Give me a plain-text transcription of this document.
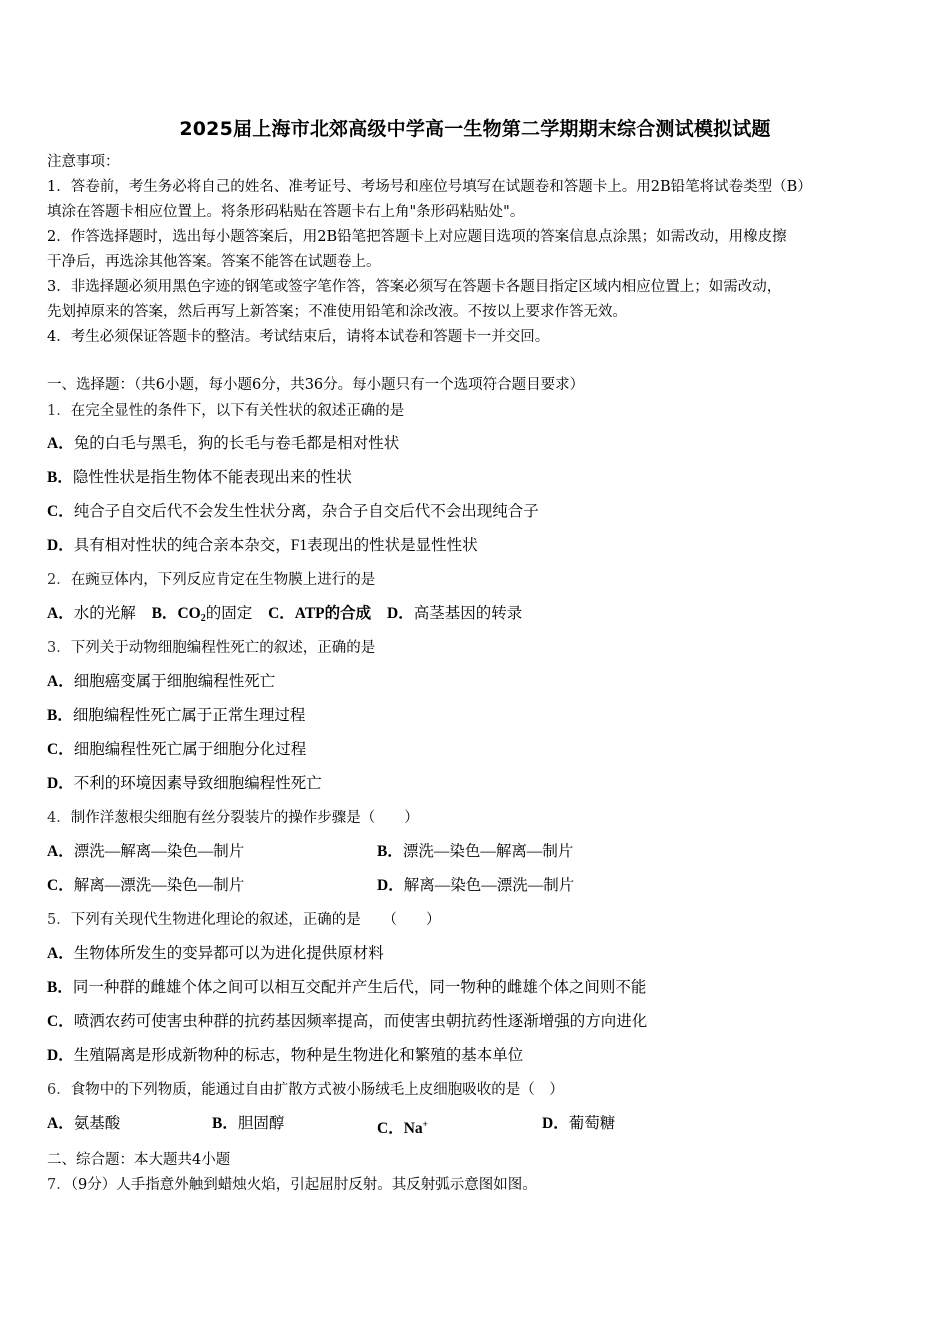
2025届上海市北郊高级中学高一生物第二学期期末综合测试模拟试题
注意事项：
1．答卷前，考生务必将自己的姓名、准考证号、考场号和座位号填写在试题卷和答题卡上。用2B铅笔将试卷类型（B）
填涂在答题卡相应位置上。将条形码粘贴在答题卡右上角"条形码粘贴处"。
2．作答选择题时，选出每小题答案后，用2B铅笔把答题卡上对应题目选项的答案信息点涂黑；如需改动，用橡皮擦
干净后，再选涂其他答案。答案不能答在试题卷上。
3．非选择题必须用黑色字迹的钢笔或签字笔作答，答案必须写在答题卡各题目指定区域内相应位置上；如需改动，
先划掉原来的答案，然后再写上新答案；不准使用铅笔和涂改液。不按以上要求作答无效。
4．考生必须保证答题卡的整洁。考试结束后，请将本试卷和答题卡一并交回。
一、选择题：（共6小题，每小题6分，共36分。每小题只有一个选项符合题目要求）
1．在完全显性的条件下，以下有关性状的叙述正确的是
A．兔的白毛与黑毛，狗的长毛与卷毛都是相对性状
B．隐性性状是指生物体不能表现出来的性状
C．纯合子自交后代不会发生性状分离，杂合子自交后代不会出现纯合子
D．具有相对性状的纯合亲本杂交，F1表现出的性状是显性性状
2．在豌豆体内，下列反应肯定在生物膜上进行的是
A．水的光解 B．$CO_2$的固定 C．ATP的合成 D．高茎基因的转录
3．下列关于动物细胞编程性死亡的叙述，正确的是
A．细胞癌变属于细胞编程性死亡
B．细胞编程性死亡属于正常生理过程
C．细胞编程性死亡属于细胞分化过程
D．不利的环境因素导致细胞编程性死亡
4．制作洋葱根尖细胞有丝分裂装片的操作步骤是（　　）
A．漂洗—解离—染色—制片	B．漂洗—染色—解离—制片
C．解离—漂洗—染色—制片	D．解离—染色—漂洗—制片
5．下列有关现代生物进化理论的叙述，正确的是　　（　　）
A．生物体所发生的变异都可以为进化提供原材料
B．同一种群的雌雄个体之间可以相互交配并产生后代，同一物种的雌雄个体之间则不能
C．喷洒农药可使害虫种群的抗药基因频率提高，而使害虫朝抗药性逐渐增强的方向进化
D．生殖隔离是形成新物种的标志，物种是生物进化和繁殖的基本单位
6．食物中的下列物质，能通过自由扩散方式被小肠绒毛上皮细胞吸收的是（　）
A．氨基酸	B．胆固醇	C．Na+	D．葡萄糖
二、综合题：本大题共4小题
7．（9分）人手指意外触到蜡烛火焰，引起屈肘反射。其反射弧示意图如图。
